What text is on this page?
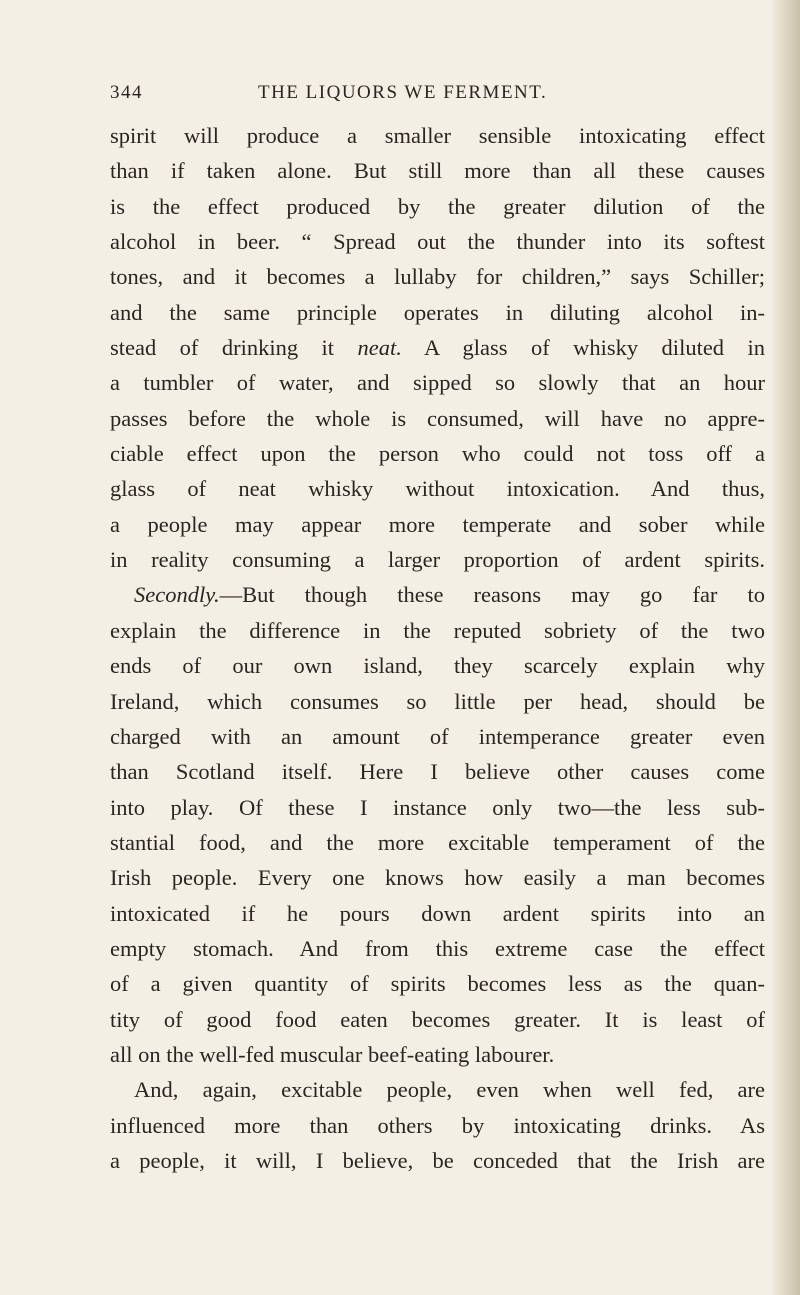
344	THE LIQUORS WE FERMENT.
spirit will produce a smaller sensible intoxicating effect
than if taken alone. But still more than all these causes
is the effect produced by the greater dilution of the
alcohol in beer. “ Spread out the thunder into its softest
tones, and it becomes a lullaby for children,” says Schiller;
and the same principle operates in diluting alcohol in-
stead of drinking it neat. A glass of whisky diluted in
a tumbler of water, and sipped so slowly that an hour
passes before the whole is consumed, will have no appre-
ciable effect upon the person who could not toss off a
glass of neat whisky without intoxication. And thus,
a people may appear more temperate and sober while
in reality consuming a larger proportion of ardent spirits.
Secondly.—But though these reasons may go far to
explain the difference in the reputed sobriety of the two
ends of our own island, they scarcely explain why
Ireland, which consumes so little per head, should be
charged with an amount of intemperance greater even
than Scotland itself. Here I believe other causes come
into play. Of these I instance only two—the less sub-
stantial food, and the more excitable temperament of the
Irish people. Every one knows how easily a man becomes
intoxicated if he pours down ardent spirits into an
empty stomach. And from this extreme case the effect
of a given quantity of spirits becomes less as the quan-
tity of good food eaten becomes greater. It is least of
all on the well-fed muscular beef-eating labourer.
And, again, excitable people, even when well fed, are
influenced more than others by intoxicating drinks. As
a people, it will, I believe, be conceded that the Irish are
